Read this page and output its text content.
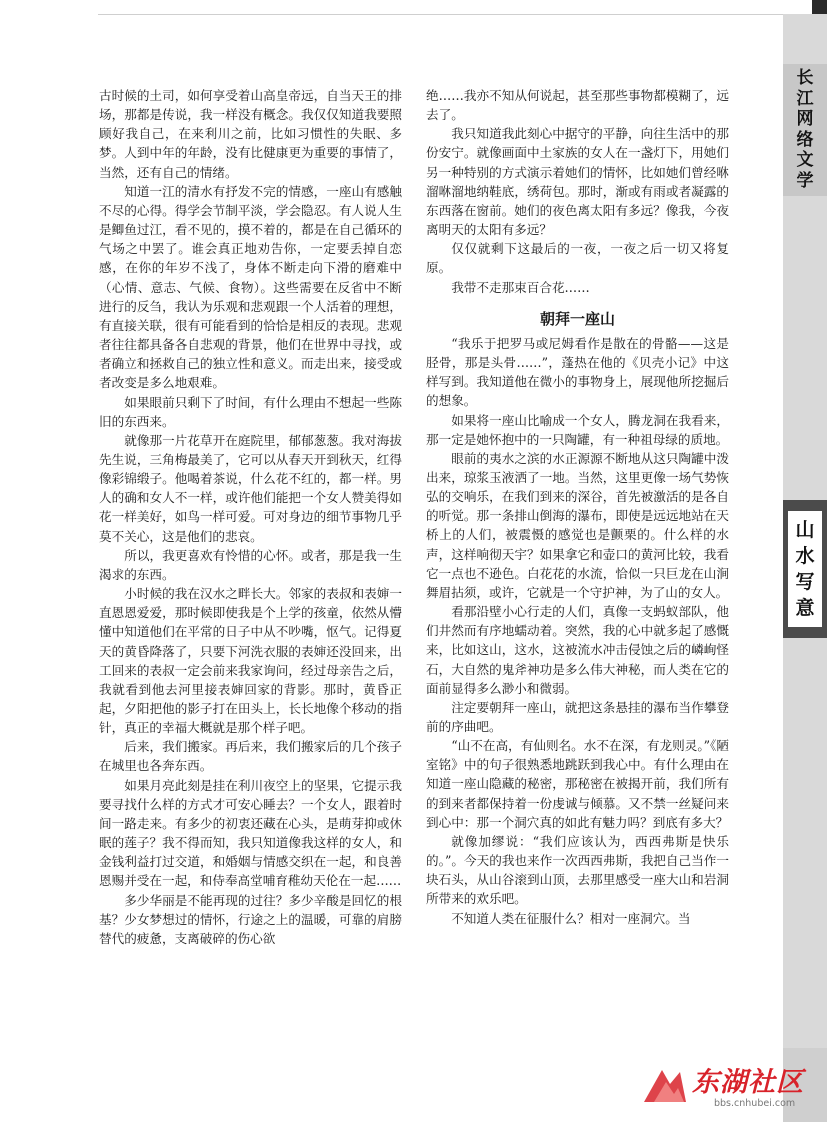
长
江
网
络
文
学
山
水
写
意

古时候的土司，如何享受着山高皇帝远，自当天王的排场，那都是传说，我一样没有概念。我仅仅知道我要照顾好我自己，在来利川之前，比如习惯性的失眠、多梦。人到中年的年龄，没有比健康更为重要的事情了，当然，还有自己的情绪。

知道一江的清水有抒发不完的情感，一座山有感触不尽的心得。得学会节制平淡，学会隐忍。有人说人生是鲫鱼过江，看不见的，摸不着的，都是在自己循环的气场之中罢了。谁会真正地劝告你，一定要丢掉自恋感，在你的年岁不浅了，身体不断走向下滑的磨难中（心情、意志、气候、食物）。这些需要在反省中不断进行的反刍，我认为乐观和悲观跟一个人活着的理想，有直接关联，很有可能看到的恰恰是相反的表现。悲观者往往都具备各自悲观的背景，他们在世界中寻找，或者确立和拯救自己的独立性和意义。而走出来，接受或者改变是多么地艰难。

如果眼前只剩下了时间，有什么理由不想起一些陈旧的东西来。

就像那一片花草开在庭院里，郁郁葱葱。我对海拔先生说，三角梅最美了，它可以从春天开到秋天，红得像彩锦缎子。他喝着茶说，什么花不红的，都一样。男人的确和女人不一样，或许他们能把一个女人赞美得如花一样美好，如鸟一样可爱。可对身边的细节事物几乎莫不关心，这是他们的悲哀。

所以，我更喜欢有怜惜的心怀。或者，那是我一生渴求的东西。

小时候的我在汉水之畔长大。邻家的表叔和表婶一直恩恩爱爱，那时候即使我是个上学的孩童，依然从懵懂中知道他们在平常的日子中从不吵嘴，怄气。记得夏天的黄昏降落了，只要下河洗衣服的表婶还没回来，出工回来的表叔一定会前来我家询问，经过母亲告之后，我就看到他去河里接表婶回家的背影。那时，黄昏正起，夕阳把他的影子打在田头上，长长地像个移动的指针，真正的幸福大概就是那个样子吧。

后来，我们搬家。再后来，我们搬家后的几个孩子在城里也各奔东西。

如果月亮此刻是挂在利川夜空上的坚果，它提示我要寻找什么样的方式才可安心睡去？一个女人，跟着时间一路走来。有多少的初衷还藏在心头，是萌芽抑或休眠的莲子？我不得而知，我只知道像我这样的女人，和金钱利益打过交道，和婚姻与情感交织在一起，和良善恩赐并受在一起，和侍奉高堂哺育稚幼天伦在一起……

多少华丽是不能再现的过往？多少辛酸是回忆的根基？少女梦想过的情怀，行途之上的温暖，可靠的肩膀替代的疲惫，支离破碎的伤心欲

绝……我亦不知从何说起，甚至那些事物都模糊了，远去了。

我只知道我此刻心中据守的平静，向往生活中的那份安宁。就像画面中土家族的女人在一盏灯下，用她们另一种特别的方式演示着她们的情怀，比如她们曾经咻溜咻溜地纳鞋底，绣荷包。那时，渐或有雨或者凝露的东西落在窗前。她们的夜色离太阳有多远？像我，今夜离明天的太阳有多远？

仅仅就剩下这最后的一夜，一夜之后一切又将复原。

我带不走那束百合花……

朝拜一座山

“我乐于把罗马或尼姆看作是散在的骨骼——这是胫骨，那是头骨……”，蓬热在他的《贝壳小记》中这样写到。我知道他在微小的事物身上，展现他所挖掘后的想象。

如果将一座山比喻成一个女人，腾龙洞在我看来，那一定是她怀抱中的一只陶罐，有一种祖母绿的质地。

眼前的夷水之滨的水正源源不断地从这只陶罐中泼出来，琼浆玉液洒了一地。当然，这里更像一场气势恢弘的交响乐，在我们到来的深谷，首先被激活的是各自的听觉。那一条排山倒海的瀑布，即使是远远地站在天桥上的人们，被震慑的感觉也是颤栗的。什么样的水声，这样响彻天宇？如果拿它和壶口的黄河比较，我看它一点也不逊色。白花花的水流，恰似一只巨龙在山涧舞眉拈须，或许，它就是一个守护神，为了山的女人。

看那沿壁小心行走的人们，真像一支蚂蚁部队，他们井然而有序地蠕动着。突然，我的心中就多起了感慨来，比如这山，这水，这被流水冲击侵蚀之后的嶙峋怪石，大自然的鬼斧神功是多么伟大神秘，而人类在它的面前显得多么渺小和微弱。

注定要朝拜一座山，就把这条悬挂的瀑布当作攀登前的序曲吧。

“山不在高，有仙则名。水不在深，有龙则灵。”《陋室铭》中的句子很熟悉地跳跃到我心中。有什么理由在知道一座山隐藏的秘密，那秘密在被揭开前，我们所有的到来者都保持着一份虔诚与倾慕。又不禁一丝疑问来到心中：那一个洞穴真的如此有魅力吗？到底有多大？

就像加缪说：“我们应该认为，西西弗斯是快乐的。”。今天的我也来作一次西西弗斯，我把自己当作一块石头，从山谷滚到山顶，去那里感受一座大山和岩洞所带来的欢乐吧。

不知道人类在征服什么？相对一座洞穴。当

东湖社区
bbs.cnhubei.com
